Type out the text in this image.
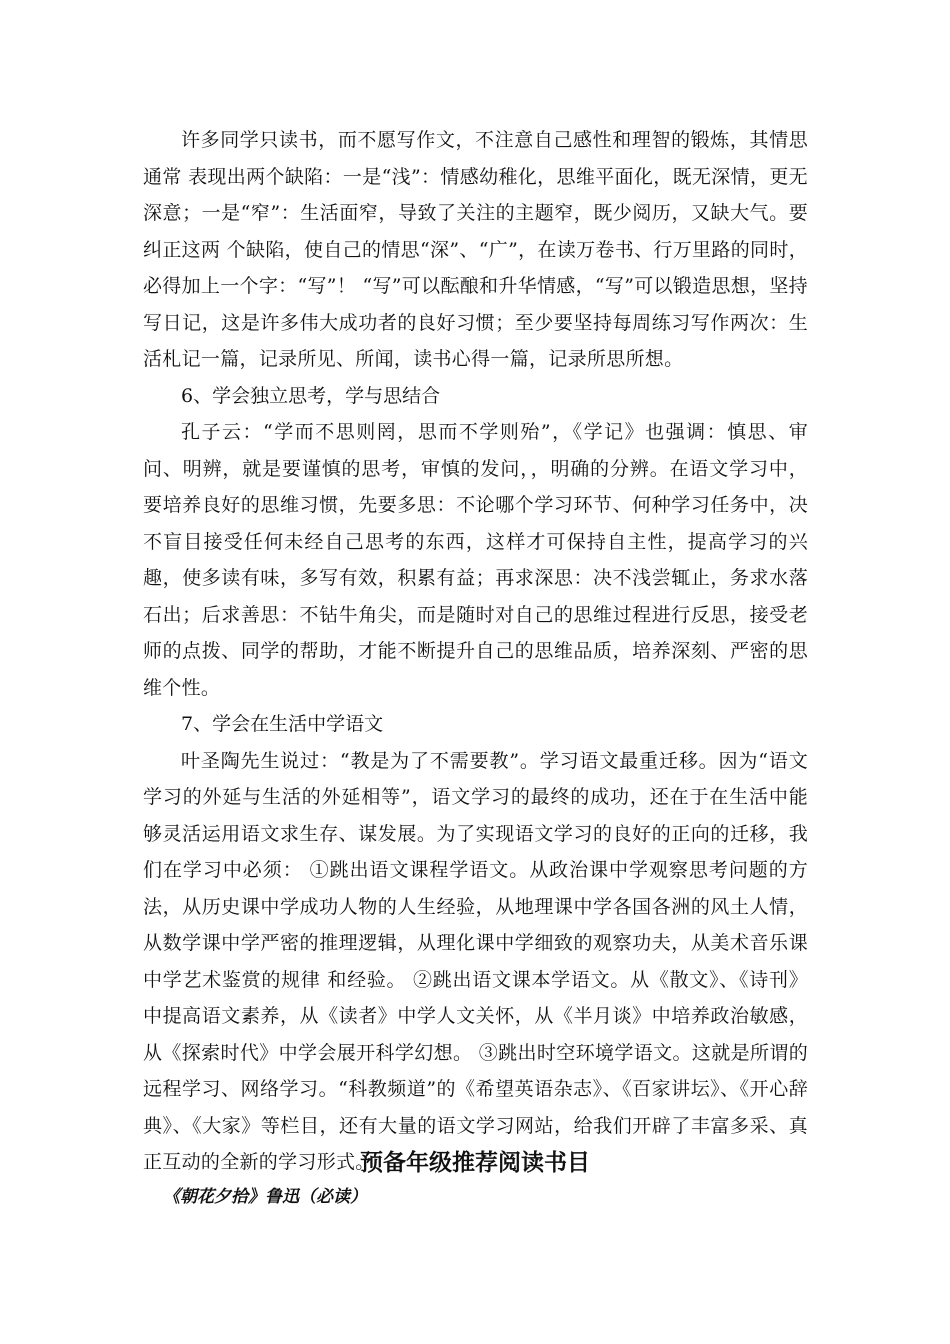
许多同学只读书，而不愿写作文，不注意自己感性和理智的锻炼，其情思通常 表现出两个缺陷：一是“浅”：情感幼稚化，思维平面化，既无深情，更无深意；一是“窄”：生活面窄，导致了关注的主题窄，既少阅历，又缺大气。要纠正这两 个缺陷，使自己的情思“深”、“广”，在读万卷书、行万里路的同时，必得加上一个字：“写”！ “写”可以酝酿和升华情感，“写”可以锻造思想，坚持写日记，这是许多伟大成功者的良好习惯；至少要坚持每周练习写作两次：生活札记一篇，记录所见、所闻，读书心得一篇，记录所思所想。

6、学会独立思考，学与思结合

孔子云：“学而不思则罔，思而不学则殆”，《学记》也强调：慎思、审问、明辨，就是要谨慎的思考，审慎的发问，，明确的分辨。在语文学习中，要培养良好的思维习惯，先要多思：不论哪个学习环节、何种学习任务中，决不盲目接受任何未经自己思考的东西，这样才可保持自主性，提高学习的兴趣，使多读有味，多写有效，积累有益；再求深思：决不浅尝辄止，务求水落石出；后求善思：不钻牛角尖，而是随时对自己的思维过程进行反思，接受老师的点拨、同学的帮助，才能不断提升自己的思维品质，培养深刻、严密的思维个性。

7、学会在生活中学语文

叶圣陶先生说过：“教是为了不需要教”。学习语文最重迁移。因为“语文学习的外延与生活的外延相等”，语文学习的最终的成功，还在于在生活中能够灵活运用语文求生存、谋发展。为了实现语文学习的良好的正向的迁移，我们在学习中必须： ①跳出语文课程学语文。从政治课中学观察思考问题的方法，从历史课中学成功人物的人生经验，从地理课中学各国各洲的风土人情，从数学课中学严密的推理逻辑，从理化课中学细致的观察功夫，从美术音乐课中学艺术鉴赏的规律 和经验。 ②跳出语文课本学语文。从《散文》、《诗刊》中提高语文素养，从《读者》中学人文关怀，从《半月谈》中培养政治敏感，从《探索时代》中学会展开科学幻想。 ③跳出时空环境学语文。这就是所谓的远程学习、网络学习。“科教频道”的《希望英语杂志》、《百家讲坛》、《开心辞典》、《大家》等栏目，还有大量的语文学习网站，给我们开辟了丰富多采、真正互动的全新的学习形式。

预备年级推荐阅读书目
《朝花夕拾》鲁迅（必读）
